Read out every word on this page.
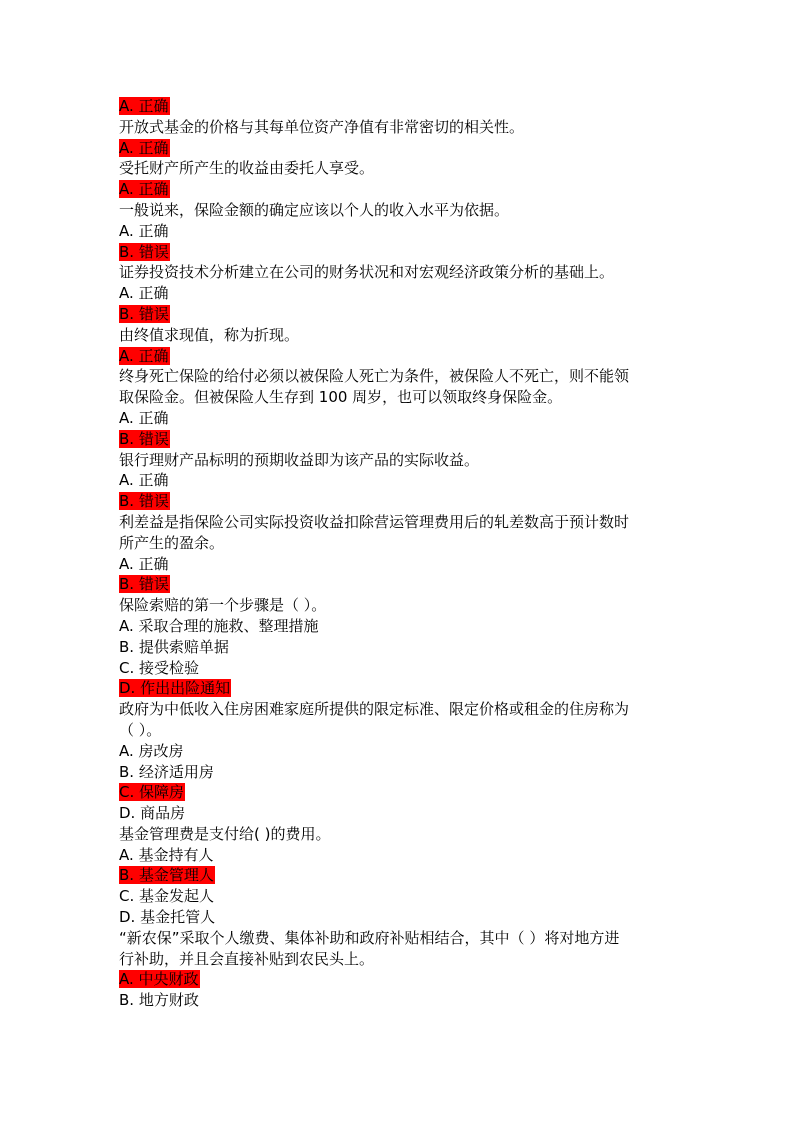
A. 正确
开放式基金的价格与其每单位资产净值有非常密切的相关性。
A. 正确
受托财产所产生的收益由委托人享受。
A. 正确
一般说来，保险金额的确定应该以个人的收入水平为依据。
A. 正确
B. 错误
证券投资技术分析建立在公司的财务状况和对宏观经济政策分析的基础上。
A. 正确
B. 错误
由终值求现值，称为折现。
A. 正确
终身死亡保险的给付必须以被保险人死亡为条件，被保险人不死亡，则不能领
取保险金。但被保险人生存到 100 周岁，也可以领取终身保险金。
A. 正确
B. 错误
银行理财产品标明的预期收益即为该产品的实际收益。
A. 正确
B. 错误
利差益是指保险公司实际投资收益扣除营运管理费用后的轧差数高于预计数时
所产生的盈余。
A. 正确
B. 错误
保险索赔的第一个步骤是（ ）。
A. 采取合理的施救、整理措施
B. 提供索赔单据
C. 接受检验
D. 作出出险通知
政府为中低收入住房困难家庭所提供的限定标准、限定价格或租金的住房称为
（ ）。
A. 房改房
B. 经济适用房
C. 保障房
D. 商品房
基金管理费是支付给( )的费用。
A. 基金持有人
B. 基金管理人
C. 基金发起人
D. 基金托管人
“新农保”采取个人缴费、集体补助和政府补贴相结合，其中（ ）将对地方进
行补助，并且会直接补贴到农民头上。
A. 中央财政
B. 地方财政
